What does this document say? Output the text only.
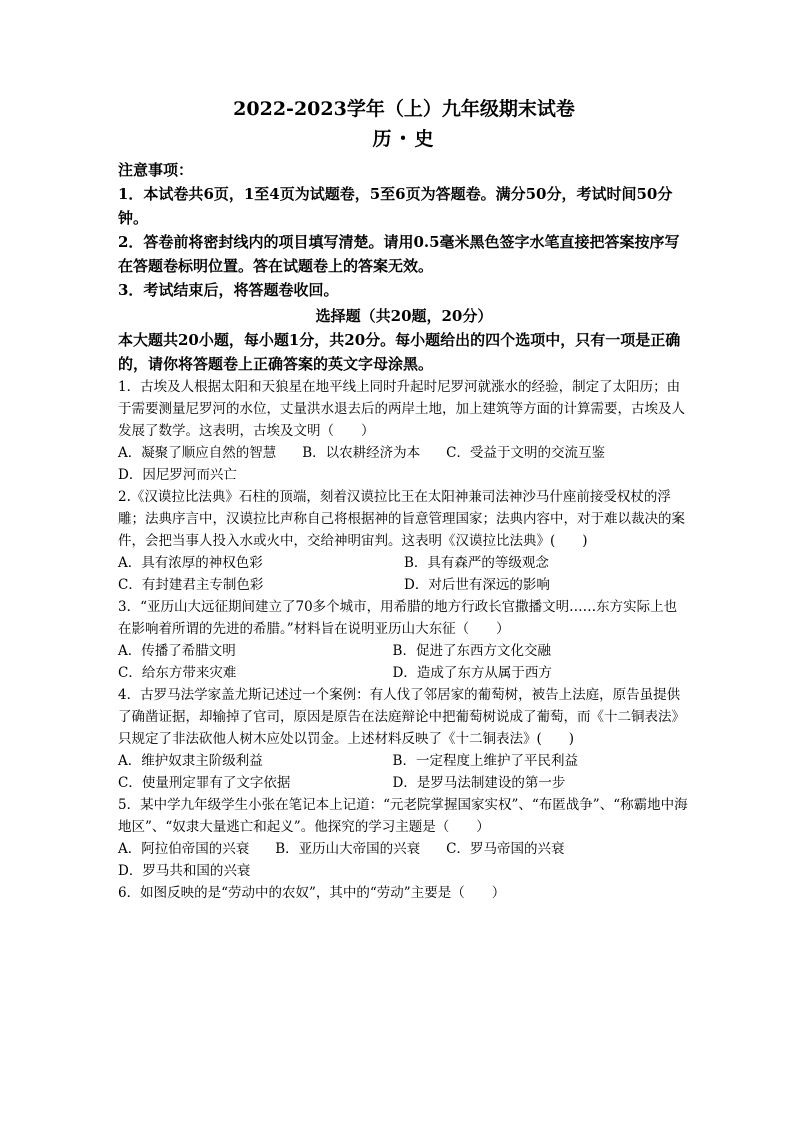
2022-2023学年（上）九年级期末试卷
历・史

注意事项：

1．本试卷共6页，1至4页为试题卷，5至6页为答题卷。满分50分，考试时间50分钟。

2．答卷前将密封线内的项目填写清楚。请用0.5毫米黑色签字水笔直接把答案按序写在答题卷标明位置。答在试题卷上的答案无效。

3．考试结束后，将答题卷收回。

选择题（共20题，20分）

本大题共20小题，每小题1分，共20分。每小题给出的四个选项中，只有一项是正确的，请你将答题卷上正确答案的英文字母涂黑。

1．古埃及人根据太阳和天狼星在地平线上同时升起时尼罗河就涨水的经验，制定了太阳历；由于需要测量尼罗河的水位，丈量洪水退去后的两岸土地，加上建筑等方面的计算需要，古埃及人发展了数学。这表明，古埃及文明（　　）

A．凝聚了顺应自然的智慧 B．以农耕经济为本 C．受益于文明的交流互鉴
D．因尼罗河而兴亡

2.《汉谟拉比法典》石柱的顶端，刻着汉谟拉比王在太阳神兼司法神沙马什座前接受权杖的浮雕；法典序言中，汉谟拉比声称自己将根据神的旨意管理国家；法典内容中，对于难以裁决的案件，会把当事人投入水或火中，交给神明宙判。这表明《汉谟拉比法典》(　　)

A．具有浓厚的神权色彩	B．具有森严的等级观念
C．有封建君主专制色彩	D．对后世有深远的影响

3．“亚历山大远征期间建立了70多个城市，用希腊的地方行政长官撒播文明……东方实际上也在影响着所谓的先进的希腊。”材料旨在说明亚历山大东征（　　）

A．传播了希腊文明	B．促进了东西方文化交融
C．给东方带来灾难	D．造成了东方从属于西方

4．古罗马法学家盖尤斯记述过一个案例：有人伐了邻居家的葡萄树，被告上法庭，原告虽提供了确凿证据，却输掉了官司，原因是原告在法庭辩论中把葡萄树说成了葡萄，而《十二铜表法》只规定了非法砍他人树木应处以罚金。上述材料反映了《十二铜表法》(　　)

A．维护奴隶主阶级利益	B．一定程度上维护了平民利益
C．使量刑定罪有了文字依据	D．是罗马法制建设的第一步

5．某中学九年级学生小张在笔记本上记道：“元老院掌握国家实权”、“布匿战争”、“称霸地中海地区”、“奴隶大量逃亡和起义”。他探究的学习主题是（　　）

A．阿拉伯帝国的兴衰 B．亚历山大帝国的兴衰 C．罗马帝国的兴衰
D．罗马共和国的兴衰

6．如图反映的是“劳动中的农奴”，其中的“劳动”主要是（　　）
